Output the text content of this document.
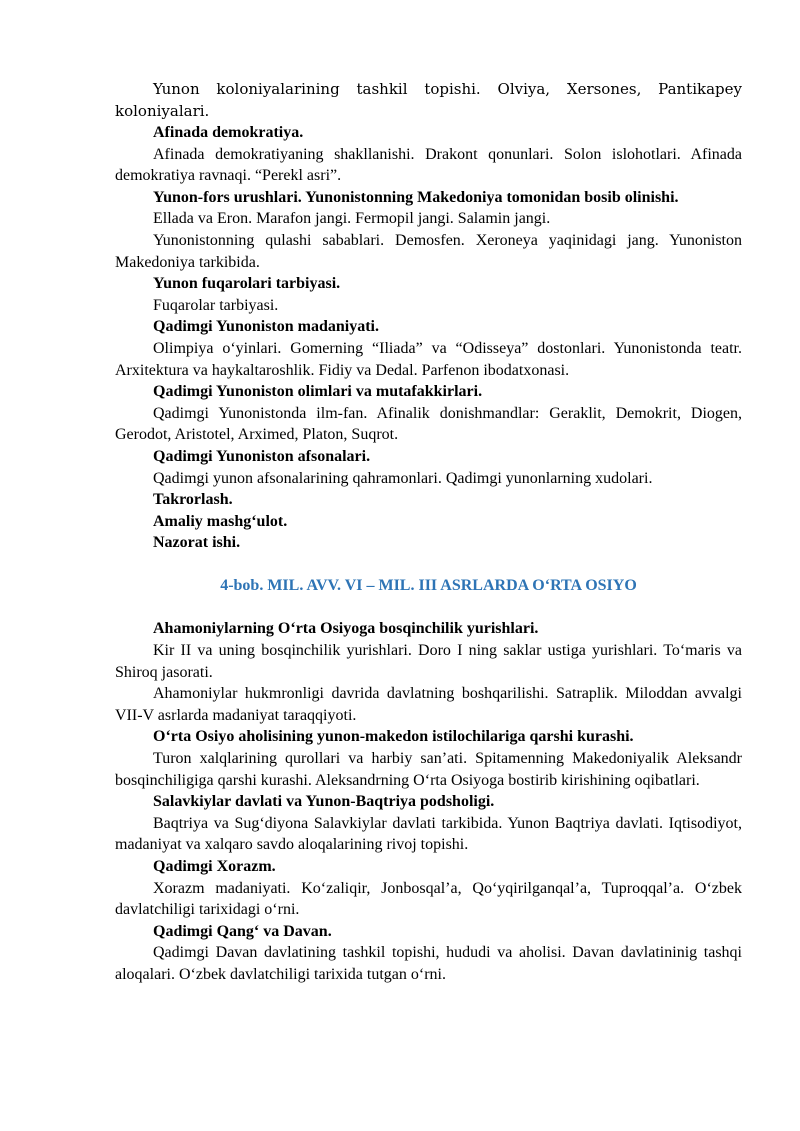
Yunon koloniyalarining tashkil topishi. Olviya, Xersones, Pantikapey koloniyalari.

Afinada demokratiya.

Afinada demokratiyaning shakllanishi. Drakont qonunlari. Solon islohotlari. Afinada demokratiya ravnaqi. “Perekl asri”.

Yunon-fors urushlari. Yunonistonning Makedoniya tomonidan bosib olinishi.

Ellada va Eron. Marafon jangi. Fermopil jangi. Salamin jangi.

Yunonistonning qulashi sabablari. Demosfen. Xeroneya yaqinidagi jang. Yunoniston Makedoniya tarkibida.

Yunon fuqarolari tarbiyasi.

Fuqarolar tarbiyasi.

Qadimgi Yunoniston madaniyati.

Olimpiya o‘yinlari. Gomerning “Iliada” va “Odisseya” dostonlari. Yunonistonda teatr. Arxitektura va haykaltaroshlik. Fidiy va Dedal. Parfenon ibodatxonasi.

Qadimgi Yunoniston olimlari va mutafakkirlari.

Qadimgi Yunonistonda ilm-fan. Afinalik donishmandlar: Geraklit, Demokrit, Diogen, Gerodot, Aristotel, Arximed, Platon, Suqrot.

Qadimgi Yunoniston afsonalari.

Qadimgi yunon afsonalarining qahramonlari. Qadimgi yunonlarning xudolari.

Takrorlash.

Amaliy mashg‘ulot.

Nazorat ishi.

4-bob. MIL. AVV. VI – MIL. III ASRLARDA O‘RTA OSIYO

Ahamoniylarning O‘rta Osiyoga bosqinchilik yurishlari.

Kir II va uning bosqinchilik yurishlari. Doro I ning saklar ustiga yurishlari. To‘maris va Shiroq jasorati.

Ahamoniylar hukmronligi davrida davlatning boshqarilishi. Satraplik. Miloddan avvalgi VII-V asrlarda madaniyat taraqqiyoti.

O‘rta Osiyo aholisining yunon-makedon istilochilariga qarshi kurashi.

Turon xalqlarining qurollari va harbiy san’ati. Spitamenning Makedoniyalik Aleksandr bosqinchiligiga qarshi kurashi. Aleksandrning O‘rta Osiyoga bostirib kirishining oqibatlari.

Salavkiylar davlati va Yunon-Baqtriya podsholigi.

Baqtriya va Sug‘diyona Salavkiylar davlati tarkibida. Yunon Baqtriya davlati. Iqtisodiyot, madaniyat va xalqaro savdo aloqalarining rivoj topishi.

Qadimgi Xorazm.

Xorazm madaniyati. Ko‘zaliqir, Jonbosqal’a, Qo‘yqirilganqal’a, Tuproqqal’a. O‘zbek davlatchiligi tarixidagi o‘rni.

Qadimgi Qang‘ va Davan.

Qadimgi Davan davlatining tashkil topishi, hududi va aholisi. Davan davlatininig tashqi aloqalari. O‘zbek davlatchiligi tarixida tutgan o‘rni.
